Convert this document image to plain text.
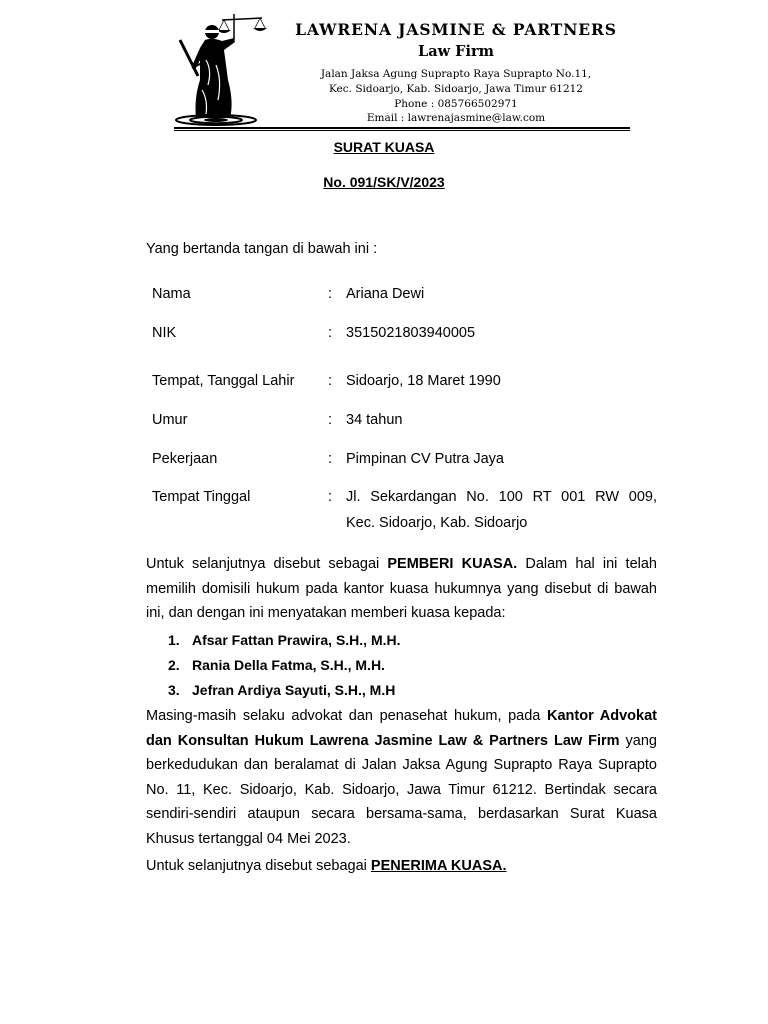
LAWRENA JASMINE & PARTNERS
Law Firm
Jalan Jaksa Agung Suprapto Raya Suprapto No.11,
Kec. Sidoarjo, Kab. Sidoarjo, Jawa Timur 61212
Phone : 085766502971
Email : lawrenajasmine@law.com
SURAT KUASA
No. 091/SK/V/2023
Yang bertanda tangan di bawah ini :
Nama	: Ariana Dewi
NIK	: 3515021803940005
Tempat, Tanggal Lahir : Sidoarjo, 18 Maret 1990
Umur	: 34 tahun
Pekerjaan	: Pimpinan CV Putra Jaya
Tempat Tinggal	: Jl. Sekardangan No. 100 RT 001 RW 009,
Kec. Sidoarjo, Kab. Sidoarjo
Untuk selanjutnya disebut sebagai PEMBERI KUASA. Dalam hal ini telah memilih domisili hukum pada kantor kuasa hukumnya yang disebut di bawah ini, dan dengan ini menyatakan memberi kuasa kepada:
1. Afsar Fattan Prawira, S.H., M.H.
2. Rania Della Fatma, S.H., M.H.
3. Jefran Ardiya Sayuti, S.H., M.H
Masing-masih selaku advokat dan penasehat hukum, pada Kantor Advokat dan Konsultan Hukum Lawrena Jasmine Law & Partners Law Firm yang berkedudukan dan beralamat di Jalan Jaksa Agung Suprapto Raya Suprapto No. 11, Kec. Sidoarjo, Kab. Sidoarjo, Jawa Timur 61212. Bertindak secara sendiri-sendiri ataupun secara bersama-sama, berdasarkan Surat Kuasa Khusus tertanggal 04 Mei 2023.
Untuk selanjutnya disebut sebagai PENERIMA KUASA.
